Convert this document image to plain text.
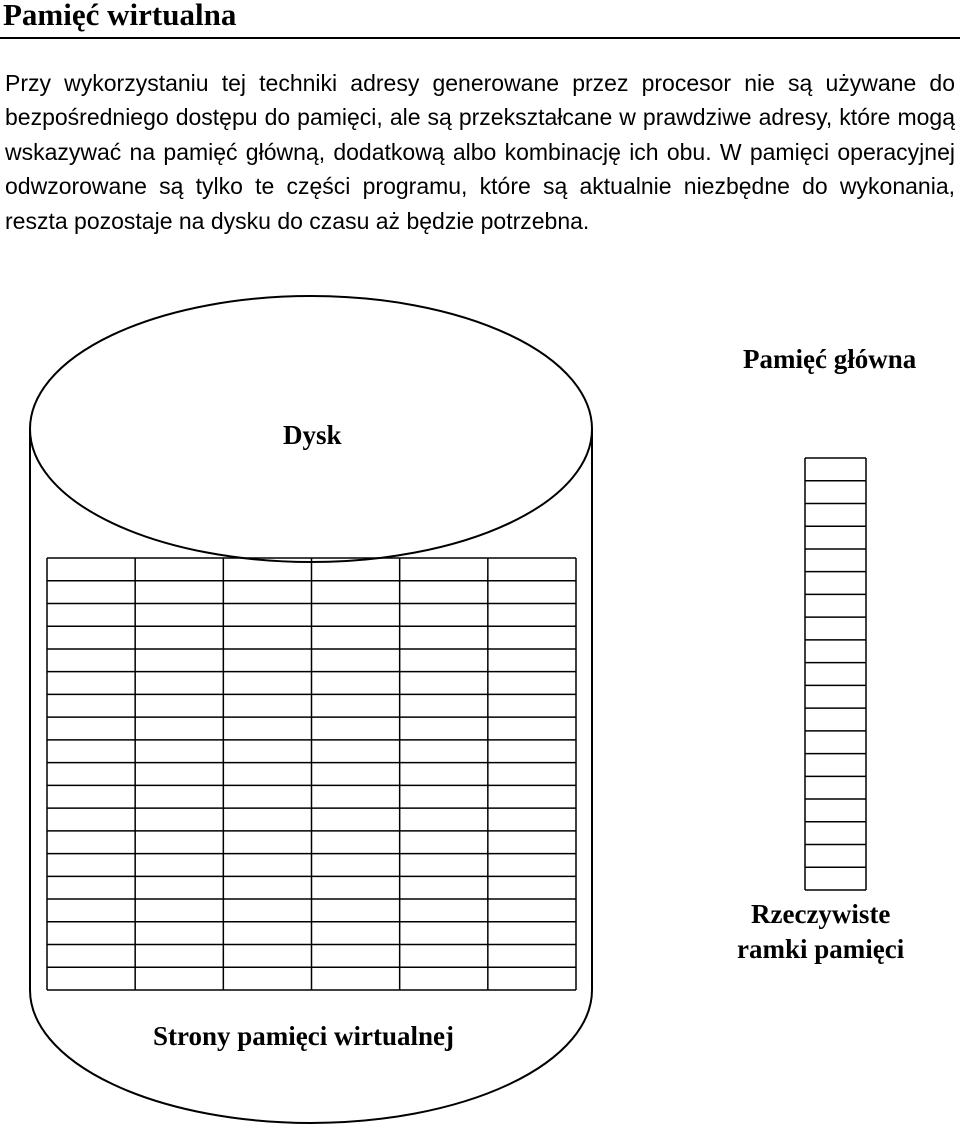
Pamięć wirtualna

Przy wykorzystaniu tej techniki adresy generowane przez procesor nie są używane do bezpośredniego dostępu do pamięci, ale są przekształcane w prawdziwe adresy, które mogą wskazywać na pamięć główną, dodatkową albo kombinację ich obu. W pamięci operacyjnej odwzorowane są tylko te części programu, które są aktualnie niezbędne do wykonania, reszta pozostaje na dysku do czasu aż będzie potrzebna.

Dysk
Strony pamięci wirtualnej
Pamięć główna
Rzeczywiste
ramki pamięci
